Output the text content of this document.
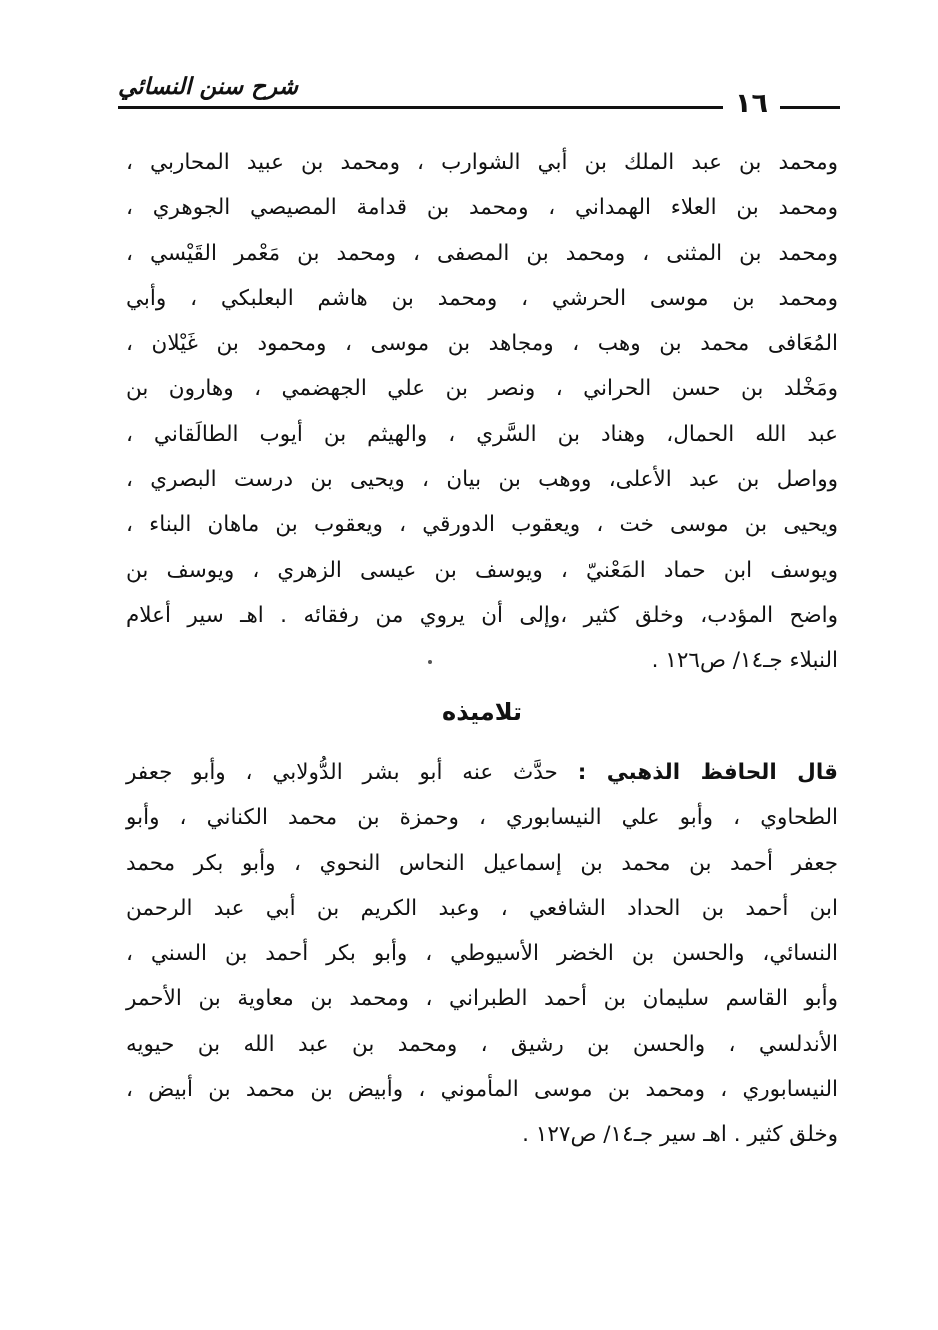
شرح سنن النسائي
١٦
ومحمد بن عبد الملك بن أبي الشوارب ، ومحمد بن عبيد المحاربي ،
ومحمد بن العلاء الهمداني ، ومحمد بن قدامة المصيصي الجوهري ،
ومحمد بن المثنى ، ومحمد بن المصفى ، ومحمد بن مَعْمر القَيْسي ،
ومحمد بن موسى الحرشي ، ومحمد بن هاشم البعلبكي ، وأبي
المُعَافى محمد بن وهب ، ومجاهد بن موسى ، ومحمود بن غَيْلان ،
ومَخْلد بن حسن الحراني ، ونصر بن علي الجهضمي ، وهارون بن
عبد الله الحمال، وهناد بن السَّري ، والهيثم بن أيوب الطالَقاني ،
وواصل بن عبد الأعلى، ووهب بن بيان ، ويحيى بن درست البصري ،
ويحيى بن موسى خت ، ويعقوب الدورقي ، ويعقوب بن ماهان البناء ،
ويوسف ابن حماد المَعْنيّ ، ويوسف بن عيسى الزهري ، ويوسف بن
واضح المؤدب، وخلق كثير ،وإلى أن يروي من رفقائه . اهـ سير أعلام
النبلاء جـ١٤/ ص١٢٦ .
تلاميذه
قال الحافظ الذهبي : حدَّث عنه أبو بشر الدُّولابي ، وأبو جعفر
الطحاوي ، وأبو علي النيسابوري ، وحمزة بن محمد الكناني ، وأبو
جعفر أحمد بن محمد بن إسماعيل النحاس النحوي ، وأبو بكر محمد
ابن أحمد بن الحداد الشافعي ، وعبد الكريم بن أبي عبد الرحمن
النسائي، والحسن بن الخضر الأسيوطي ، وأبو بكر أحمد بن السني ،
وأبو القاسم سليمان بن أحمد الطبراني ، ومحمد بن معاوية بن الأحمر
الأندلسي ، والحسن بن رشيق ، ومحمد بن عبد الله بن حيويه
النيسابوري ، ومحمد بن موسى المأموني ، وأبيض بن محمد بن أبيض ،
وخلق كثير . اهـ سير جـ١٤/ ص١٢٧ .
